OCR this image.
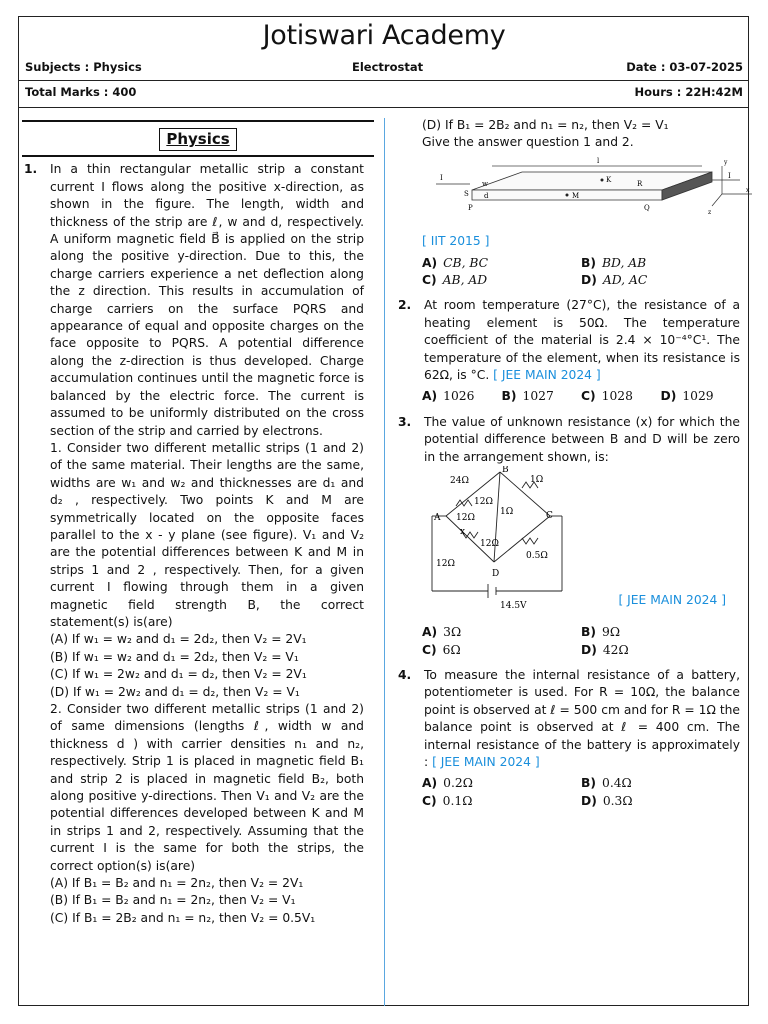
Jotiswari Academy
Subjects : Physics	Electrostat	Date : 03-07-2025
Total Marks : 400	Hours : 22H:42M
Physics
1.	In a thin rectangular metallic strip a constant current I flows along the positive x-direction, as shown in the figure. The length, width and thickness of the strip are ℓ, w and d, respectively. A uniform magnetic field B⃗ is applied on the strip along the positive y-direction. Due to this, the charge carriers experience a net deflection along the z direction. This results in accumulation of charge carriers on the surface PQRS and appearance of equal and opposite charges on the face opposite to PQRS. A potential difference along the z-direction is thus developed. Charge accumulation continues until the magnetic force is balanced by the electric force. The current is assumed to be uniformly distributed on the cross section of the strip and carried by electrons.
1. Consider two different metallic strips (1 and 2) of the same material. Their lengths are the same, widths are w₁ and w₂ and thicknesses are d₁ and d₂ , respectively. Two points K and M are symmetrically located on the opposite faces parallel to the x - y plane (see figure). V₁ and V₂ are the potential differences between K and M in strips 1 and 2 , respectively. Then, for a given current I flowing through them in a given magnetic field strength B, the correct statement(s) is(are)
(A) If w₁ = w₂ and d₁ = 2d₂, then V₂ = 2V₁
(B) If w₁ = w₂ and d₁ = 2d₂, then V₂ = V₁
(C) If w₁ = 2w₂ and d₁ = d₂, then V₂ = 2V₁
(D) If w₁ = 2w₂ and d₁ = d₂, then V₂ = V₁
2. Consider two different metallic strips (1 and 2) of same dimensions (lengths ℓ, width w and thickness d ) with carrier densities n₁ and n₂, respectively. Strip 1 is placed in magnetic field B₁ and strip 2 is placed in magnetic field B₂, both along positive y-directions. Then V₁ and V₂ are the potential differences developed between K and M in strips 1 and 2, respectively. Assuming that the current I is the same for both the strips, the correct option(s) is(are)
(A) If B₁ = B₂ and n₁ = 2n₂, then V₂ = 2V₁
(B) If B₁ = B₂ and n₁ = 2n₂, then V₂ = V₁
(C) If B₁ = 2B₂ and n₁ = n₂, then V₂ = 0.5V₁
(D) If B₁ = 2B₂ and n₁ = n₂, then V₂ = V₁
Give the answer question 1 and 2.
l
I	K	R
I
S
w
d	M
P	Q
y
x
z
[ IIT 2015 ]
A) CB, BC	B) BD, AB
C) AB, AD	D) AD, AC
2.	At room temperature (27°C), the resistance of a heating element is 50Ω. The temperature coefficient of the material is 2.4 × 10⁻⁴°C¹. The temperature of the element, when its resistance is 62Ω, is °C. [ JEE MAIN 2024 ]
A) 1026	B) 1027	C) 1028	D) 1029
3.	The value of unknown resistance (x) for which the potential difference between B and D will be zero in the arrangement shown, is:
24Ω
B
1Ω
12Ω
1Ω
A 12Ω	C
x
12Ω
0.5Ω
12Ω
D
14.5V	[ JEE MAIN 2024 ]
A) 3Ω	B) 9Ω
C) 6Ω	D) 42Ω
4.	To measure the internal resistance of a battery, potentiometer is used. For R = 10Ω, the balance point is observed at ℓ = 500 cm and for R = 1Ω the balance point is observed at ℓ = 400 cm. The internal resistance of the battery is approximately : [ JEE MAIN 2024 ]
A) 0.2Ω	B) 0.4Ω
C) 0.1Ω	D) 0.3Ω
